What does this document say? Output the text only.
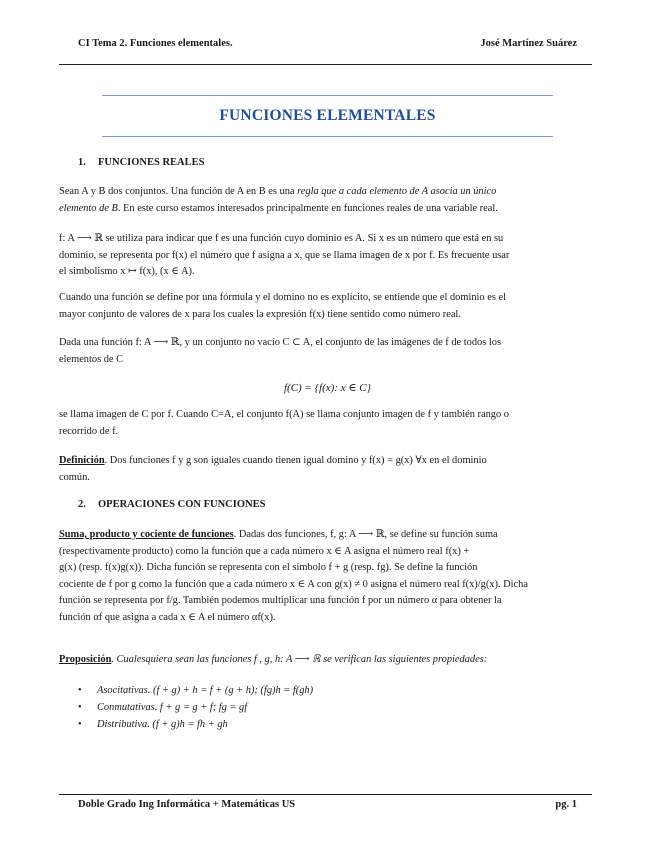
CI Tema 2. Funciones elementales.	José Martínez Suárez
FUNCIONES ELEMENTALES
1. FUNCIONES REALES
Sean A y B dos conjuntos. Una función de A en B es una regla que a cada elemento de A asocia un único
elemento de B. En este curso estamos interesados principalmente en funciones reales de una variable real.
f: A ⟶ ℝ se utiliza para indicar que f es una función cuyo dominio es A. Si x es un número que está en su
dominio, se representa por f(x) el número que f asigna a x, que se llama imagen de x por f. Es frecuente usar
el simbolismo x ↦ f(x), (x ∈ A).
Cuando una función se define por una fórmula y el domino no es explícito, se entiende que el dominio es el
mayor conjunto de valores de x para los cuales la expresión f(x) tiene sentido como número real.
Dada una función f: A ⟶ ℝ, y un conjunto no vacío C ⊂ A, el conjunto de las imágenes de f de todos los
elementos de C
f(C) = {f(x): x ∈ C}
se llama imagen de C por f. Cuando C=A, el conjunto f(A) se llama conjunto imagen de f y también rango o
recorrido de f.
Definición. Dos funciones f y g son iguales cuando tienen igual domino y f(x) = g(x) ∀x en el dominio
común.
2. OPERACIONES CON FUNCIONES
Suma, producto y cociente de funciones. Dadas dos funciones, f, g: A ⟶ ℝ, se define su función suma
(respectivamente producto) como la función que a cada número x ∈ A asigna el número real f(x) +
g(x) (resp. f(x)g(x)). Dicha función se representa con el símbolo f + g (resp. fg). Se define la función
cociente de f por g como la función que a cada número x ∈ A con g(x) ≠ 0 asigna el número real f(x)/g(x). Dicha
función se representa por f/g. También podemos multiplicar una función f por un número α para obtener la
función αf que asigna a cada x ∈ A el número αf(x).
Proposición. Cualesquiera sean las funciones f , g, h: A ⟶ ℝ se verifican las siguientes propiedades:
• Asocitativas. (f + g) + h = f + (g + h); (fg)h = f(gh)
• Conmutativas. f + g = g + f; fg = gf
• Distributiva. (f + g)h = fh + gh
Doble Grado Ing Informática + Matemáticas US	pg. 1
